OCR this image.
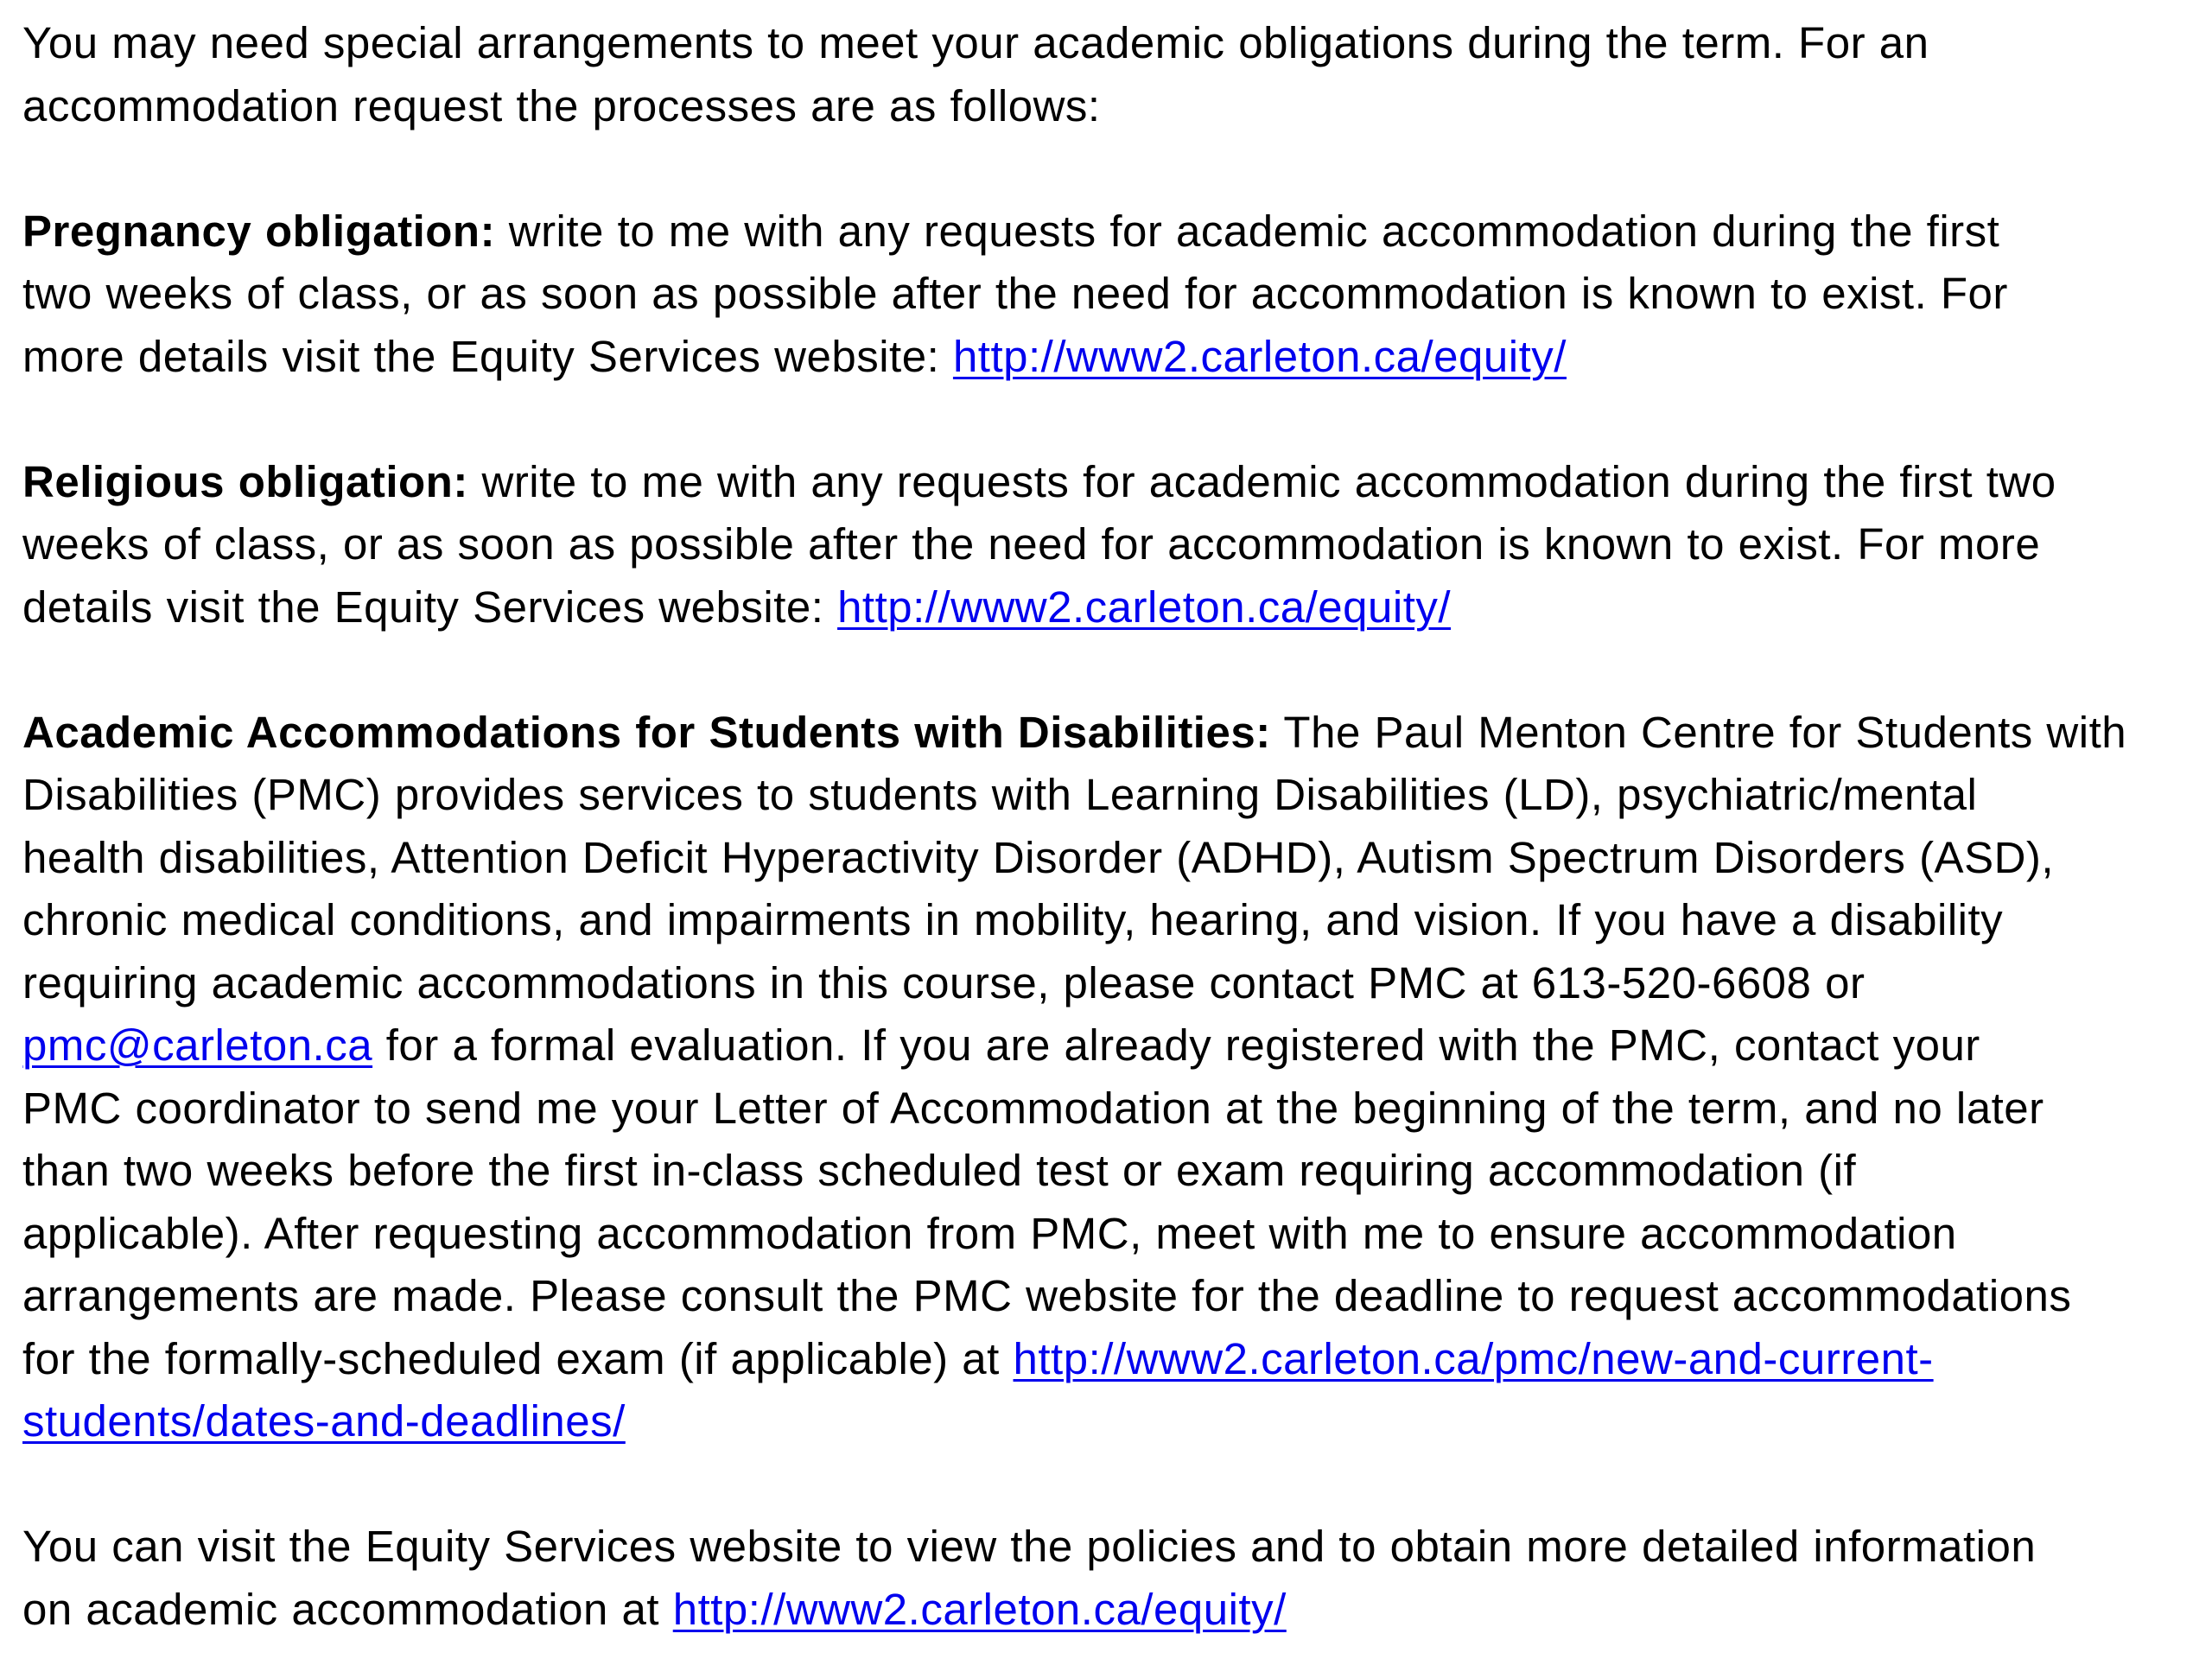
You may need special arrangements to meet your academic obligations during the term. For an
accommodation request the processes are as follows:
Pregnancy obligation: write to me with any requests for academic accommodation during the first
two weeks of class, or as soon as possible after the need for accommodation is known to exist. For
more details visit the Equity Services website: http://www2.carleton.ca/equity/
Religious obligation: write to me with any requests for academic accommodation during the first two
weeks of class, or as soon as possible after the need for accommodation is known to exist. For more
details visit the Equity Services website: http://www2.carleton.ca/equity/
Academic Accommodations for Students with Disabilities: The Paul Menton Centre for Students with
Disabilities (PMC) provides services to students with Learning Disabilities (LD), psychiatric/mental
health disabilities, Attention Deficit Hyperactivity Disorder (ADHD), Autism Spectrum Disorders (ASD),
chronic medical conditions, and impairments in mobility, hearing, and vision. If you have a disability
requiring academic accommodations in this course, please contact PMC at 613-520-6608 or
pmc@carleton.ca for a formal evaluation. If you are already registered with the PMC, contact your
PMC coordinator to send me your Letter of Accommodation at the beginning of the term, and no later
than two weeks before the first in-class scheduled test or exam requiring accommodation (if
applicable). After requesting accommodation from PMC, meet with me to ensure accommodation
arrangements are made. Please consult the PMC website for the deadline to request accommodations
for the formally-scheduled exam (if applicable) at http://www2.carleton.ca/pmc/new-and-current-
students/dates-and-deadlines/
You can visit the Equity Services website to view the policies and to obtain more detailed information
on academic accommodation at http://www2.carleton.ca/equity/
